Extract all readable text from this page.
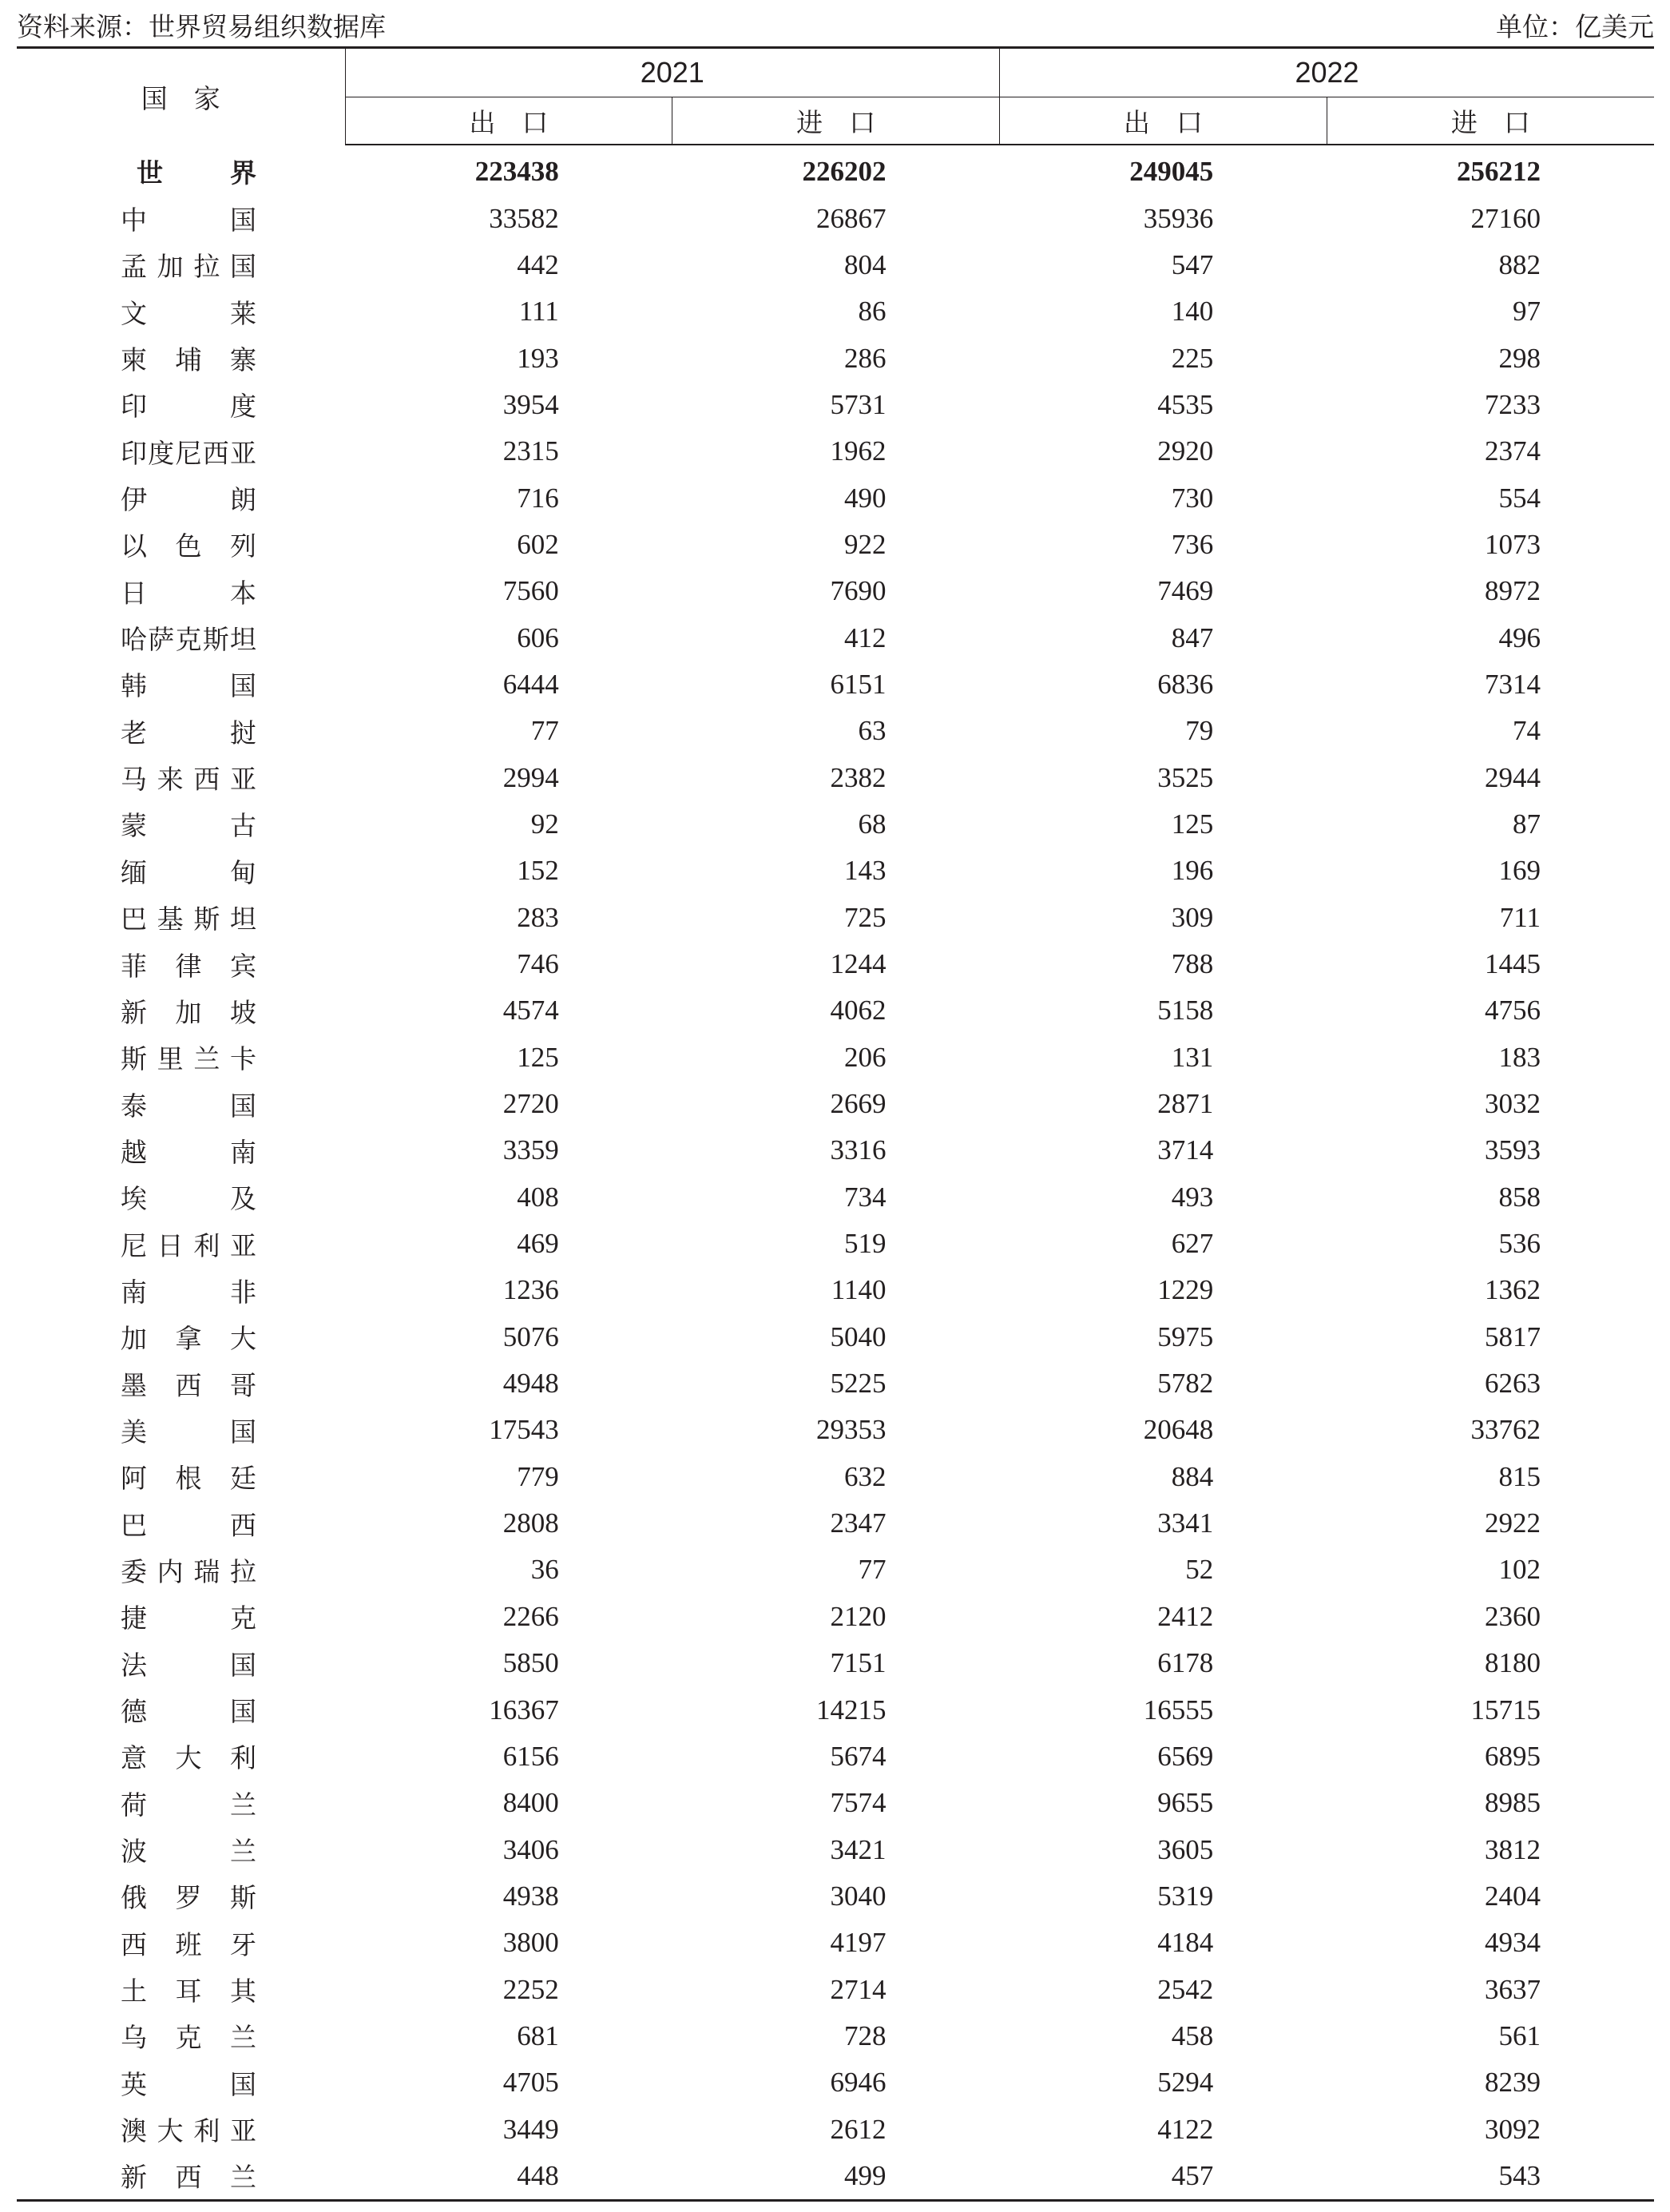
资料来源：世界贸易组织数据库	单位：亿美元
国　家	2021		2022	
	出　口	进　口	出　口	进　口
世界	223438	226202	249045	256212
中国	33582	26867	35936	27160
孟加拉国	442	804	547	882
文莱	111	86	140	97
柬埔寨	193	286	225	298
印度	3954	5731	4535	7233
印度尼西亚	2315	1962	2920	2374
伊朗	716	490	730	554
以色列	602	922	736	1073
日本	7560	7690	7469	8972
哈萨克斯坦	606	412	847	496
韩国	6444	6151	6836	7314
老挝	77	63	79	74
马来西亚	2994	2382	3525	2944
蒙古	92	68	125	87
缅甸	152	143	196	169
巴基斯坦	283	725	309	711
菲律宾	746	1244	788	1445
新加坡	4574	4062	5158	4756
斯里兰卡	125	206	131	183
泰国	2720	2669	2871	3032
越南	3359	3316	3714	3593
埃及	408	734	493	858
尼日利亚	469	519	627	536
南非	1236	1140	1229	1362
加拿大	5076	5040	5975	5817
墨西哥	4948	5225	5782	6263
美国	17543	29353	20648	33762
阿根廷	779	632	884	815
巴西	2808	2347	3341	2922
委内瑞拉	36	77	52	102
捷克	2266	2120	2412	2360
法国	5850	7151	6178	8180
德国	16367	14215	16555	15715
意大利	6156	5674	6569	6895
荷兰	8400	7574	9655	8985
波兰	3406	3421	3605	3812
俄罗斯	4938	3040	5319	2404
西班牙	3800	4197	4184	4934
土耳其	2252	2714	2542	3637
乌克兰	681	728	458	561
英国	4705	6946	5294	8239
澳大利亚	3449	2612	4122	3092
新西兰	448	499	457	543
